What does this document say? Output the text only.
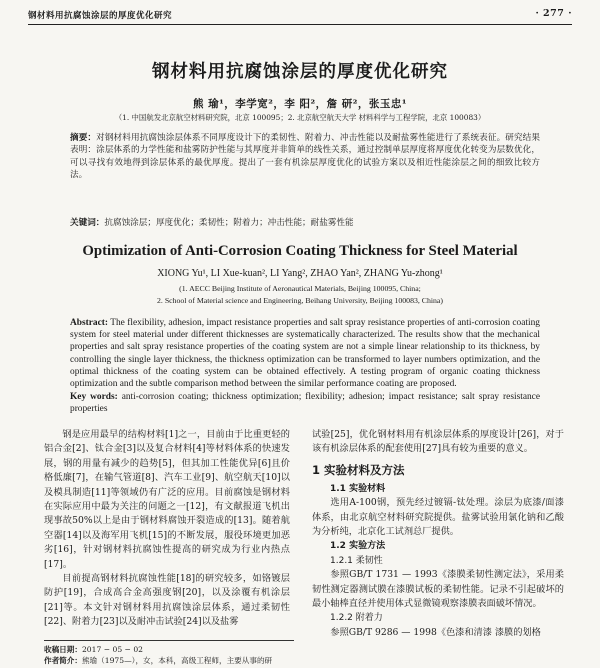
钢材料用抗腐蚀涂层的厚度优化研究	· 277 ·
钢材料用抗腐蚀涂层的厚度优化研究
熊 瑜¹，李学宽²，李 阳²，詹 研²，张玉忠¹
（1. 中国航发北京航空材料研究院，北京 100095；2. 北京航空航天大学 材料科学与工程学院，北京 100083）
摘要：对钢材料用抗腐蚀涂层体系不同厚度设计下的柔韧性、附着力、冲击性能以及耐盐雾性能进行了系统表征。研究结果表明：涂层体系的力学性能和盐雾防护性能与其厚度并非简单的线性关系，通过控制单层厚度将厚度优化转变为层数优化，可以寻找有效地得到涂层体系的最优厚度。提出了一套有机涂层厚度优化的试验方案以及相近性能涂层之间的细致比较方法。
关键词：抗腐蚀涂层；厚度优化；柔韧性；附着力；冲击性能；耐盐雾性能
Optimization of Anti-Corrosion Coating Thickness for Steel Material
XIONG Yu¹, LI Xue-kuan², LI Yang², ZHAO Yan², ZHANG Yu-zhong¹
(1. AECC Beijing Institute of Aeronautical Materials, Beijing 100095, China;
2. School of Material science and Engineering, Beihang University, Beijing 100083, China)
Abstract: The flexibility, adhesion, impact resistance properties and salt spray resistance properties of anti-corrosion coating system for steel material under different thicknesses are systematically characterized. The results show that the mechanical properties and salt spray resistance properties of the coating system are not a simple linear relationship to its thickness, by controlling the single layer thickness, the thickness optimization can be transformed to layer numbers optimization, and the optimal thickness of the coating system can be obtained effectively. A testing program of organic coating thickness optimization and the subtle comparison method between the similar performance coating are proposed.
Key words: anti-corrosion coating; thickness optimization; flexibility; adhesion; impact resistance; salt spray resistance properties

钢是应用最早的结构材料[1]之一，目前由于比重更轻的铝合金[2]、钛合金[3]以及复合材料[4]等材料体系的快速发展，钢的用量有减少的趋势[5]，但其加工性能优异[6]且价格低廉[7]，在输气管道[8]、汽车工业[9]、航空航天[10]以及模具制造[11]等领域仍有广泛的应用。目前腐蚀是钢材料在实际应用中最为关注的问题之一[12]，有文献报道飞机出现事故50%以上是由于钢材料腐蚀开裂造成的[13]。随着航空器[14]以及海军用飞机[15]的不断发展，服役环境更加恶劣[16]，针对钢材料抗腐蚀性提高的研究成为行业内热点[17]。

目前提高钢材料抗腐蚀性能[18]的研究较多，如铬镀层防护[19]，合成高合金高强度钢[20]，以及涂覆有机涂层[21]等。本文针对钢材料用抗腐蚀涂层体系，通过柔韧性[22]、附着力[23]以及耐冲击试验[24]以及盐雾

试验[25]，优化钢材料用有机涂层体系的厚度设计[26]，对于该有机涂层体系的配套使用[27]具有较为重要的意义。

1 实验材料及方法

1.1 实验材料

选用A-100钢，预先经过镀镉-钛处理。涂层为底漆/面漆体系，由北京航空材料研究院提供。盐雾试验用氯化钠和乙酸为分析纯，北京化工试剂总厂提供。

1.2 实验方法

1.2.1 柔韧性

参照GB/T 1731 — 1993《漆膜柔韧性测定法》，采用柔韧性测定器测试膜在漆膜试板的柔韧性能。记录不引起破坏的最小轴棒直径并使用体式显微镜观察漆膜表面破坏情况。

1.2.2 附着力

参照GB/T 9286 — 1998《色漆和清漆 漆膜的划格

收稿日期：2017 − 05 − 02
作者简介：熊瑜（1975—），女，本科，高级工程师，主要从事的研
